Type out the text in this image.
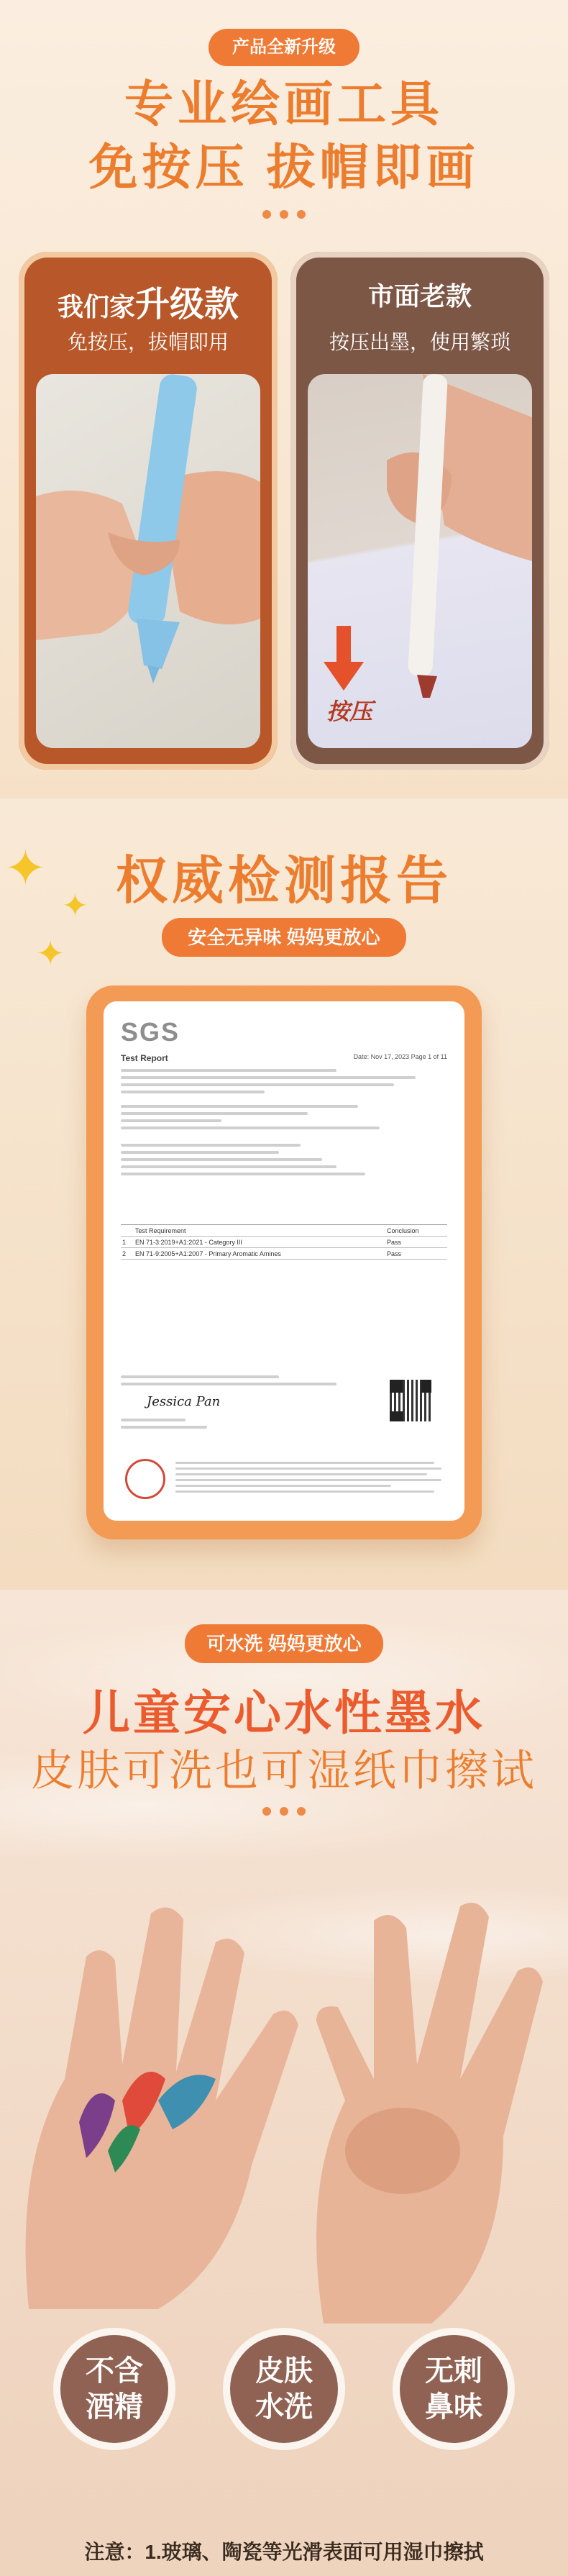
产品全新升级
专业绘画工具
免按压 拔帽即画
我们家升级款
免按压，拔帽即用
市面老款
按压出墨，使用繁琐
按压
✦
✦
✦
权威检测报告
安全无异味 妈妈更放心
SGS
Test Report	Date: Nov 17, 2023 Page 1 of 11
Test Requirement	Conclusion
1	EN 71-3:2019+A1:2021 - Category III	Pass
2	EN 71-9:2005+A1:2007 - Primary Aromatic Amines	Pass
Jessica Pan
可水洗 妈妈更放心
儿童安心水性墨水
皮肤可洗也可湿纸巾擦试
不含
酒精
皮肤
水洗
无刺
鼻味
注意：1.玻璃、陶瓷等光滑表面可用湿巾擦拭
